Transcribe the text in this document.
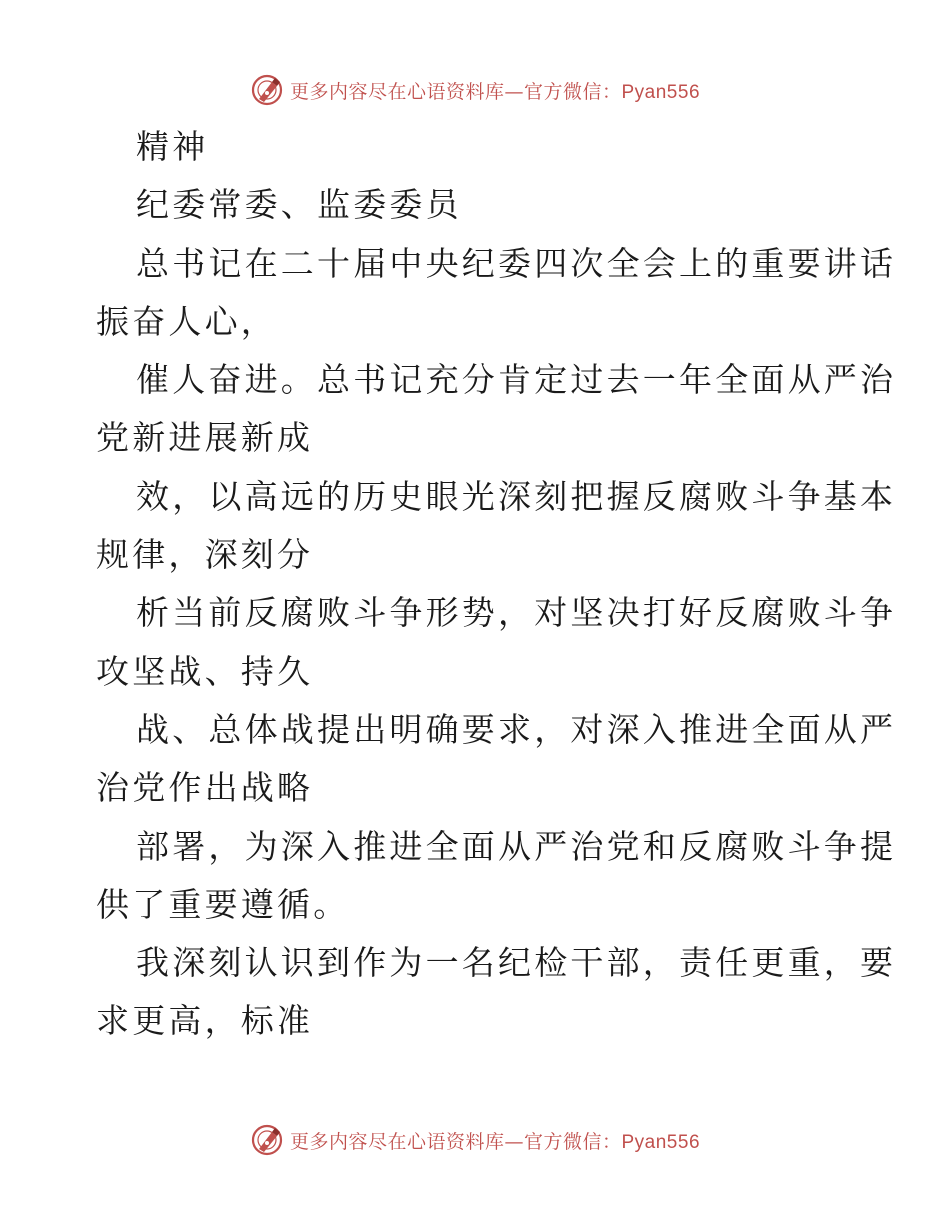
更多内容尽在心语资料库—官方微信：Pyan556
精神
纪委常委、监委委员
总书记在二十届中央纪委四次全会上的重要讲话
振奋人心，
催人奋进。总书记充分肯定过去一年全面从严治
党新进展新成
效，以高远的历史眼光深刻把握反腐败斗争基本
规律，深刻分
析当前反腐败斗争形势，对坚决打好反腐败斗争
攻坚战、持久
战、总体战提出明确要求，对深入推进全面从严
治党作出战略
部署，为深入推进全面从严治党和反腐败斗争提
供了重要遵循。
我深刻认识到作为一名纪检干部，责任更重，要
求更高，标准
更多内容尽在心语资料库—官方微信：Pyan556
